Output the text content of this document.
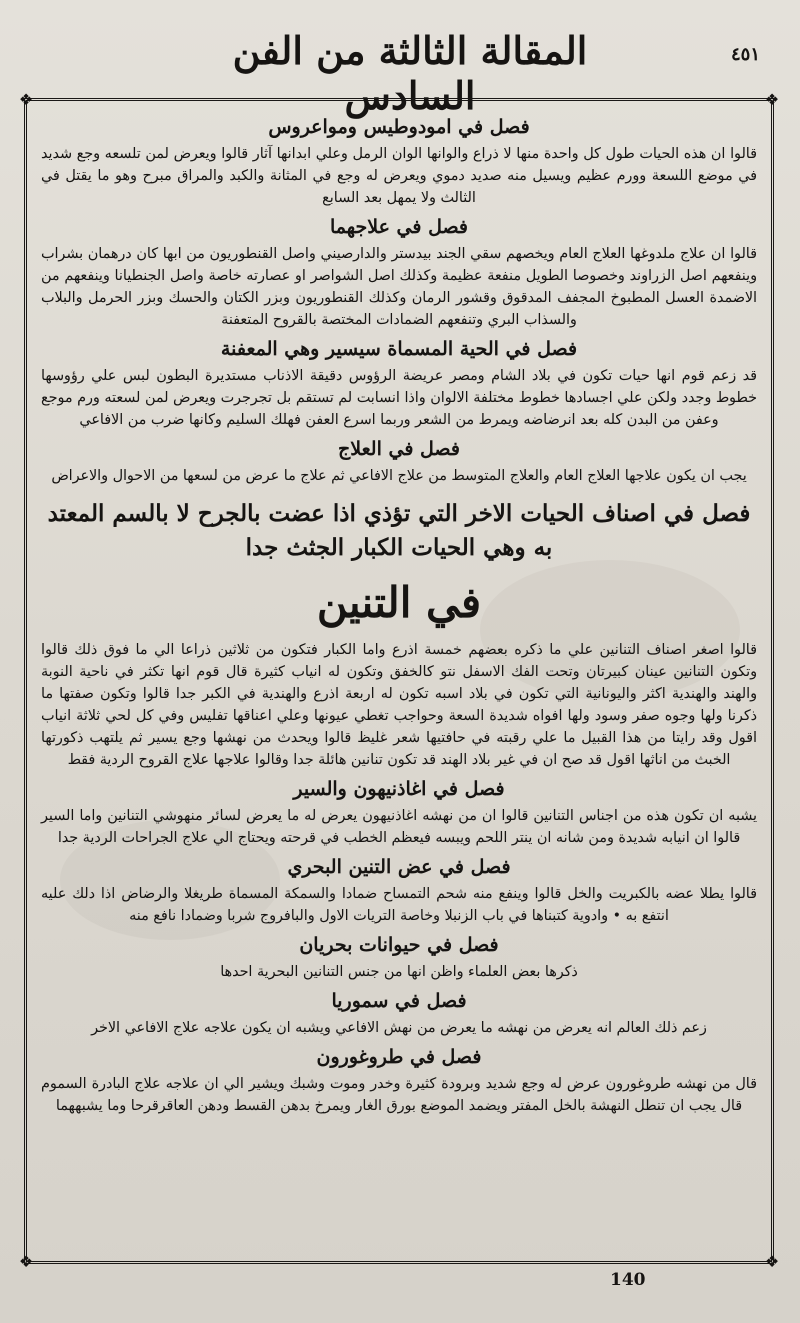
المقالة الثالثة من الفن السادس
٤٥١
❖	❖
❖	❖
فصل في امودوطيس ومواعروس

قالوا ان هذه الحيات طول كل واحدة منها لا ذراع والوانها الوان الرمل وعلي ابدانها آثار قالوا ويعرض لمن تلسعه وجع شديد في موضع اللسعة وورم عظيم ويسيل منه صديد دموي ويعرض له وجع في المثانة والكبد والمراق مبرح وهو ما يقتل في الثالث ولا يمهل بعد السابع

فصل في علاجهما

قالوا ان علاج ملدوغها العلاج العام ويخصهم سقي الجند بيدستر والدارصيني واصل القنطوريون من ابها كان درهمان بشراب وينفعهم اصل الزراوند وخصوصا الطويل منفعة عظيمة وكذلك اصل الشواصر او عصارته خاصة واصل الجنطيانا وينفعهم من الاضمدة العسل المطبوخ المجفف المدقوق وقشور الرمان وكذلك القنطوريون وبزر الكتان والحسك وبزر الحرمل والبلاب والسذاب البري وتنفعهم الضمادات المختصة بالقروح المتعفنة

فصل في الحية المسماة سيسير وهي المعفنة

قد زعم قوم انها حيات تكون في بلاد الشام ومصر عريضة الرؤوس دقيقة الاذناب مستديرة البطون لبس علي رؤوسها خطوط وجدد ولكن علي اجسادها خطوط مختلفة الالوان واذا انسابت لم تستقم بل تجرجرت ويعرض لمن لسعته ورم موجع وعفن من البدن كله بعد انرضاضه ويمرط من الشعر وربما اسرع العفن فهلك السليم وكانها ضرب من الافاعي

فصل في العلاج

يجب ان يكون علاجها العلاج العام والعلاج المتوسط من علاج الافاعي ثم علاج ما عرض من لسعها من الاحوال والاعراض

فصل في اصناف الحيات الاخر التي تؤذي اذا عضت بالجرح لا بالسم المعتد به وهي الحيات الكبار الجثث جدا
في التنين

قالوا اصغر اصناف التنانين علي ما ذكره بعضهم خمسة اذرع واما الكبار فتكون من ثلاثين ذراعا الي ما فوق ذلك قالوا وتكون التنانين عينان كبيرتان وتحت الفك الاسفل نتو كالخفق وتكون له انياب كثيرة قال قوم انها تكثر في ناحية النوبة والهند والهندية اكثر واليونانية التي تكون في بلاد اسبه تكون له اربعة اذرع والهندية في الكبر جدا قالوا وتكون صفتها ما ذكرنا ولها وجوه صفر وسود ولها افواه شديدة السعة وحواجب تغطي عيونها وعلي اعناقها تفليس وفي كل لحي ثلاثة انياب اقول وقد رايتا من هذا القبيل ما علي رقبته في حافتيها شعر غليظ قالوا ويحدث من نهشها وجع يسير ثم يلتهب ذكورتها الخبث من اناثها اقول قد صح ان في غير بلاد الهند قد تكون تنانين هائلة جدا وقالوا علاجها علاج القروح الردية فقط

فصل في اغاذنيهون والسير

يشبه ان تكون هذه من اجناس التنانين قالوا ان من نهشه اغاذنيهون يعرض له ما يعرض لسائر منهوشي التنانين واما السير قالوا ان انيابه شديدة ومن شانه ان ينتر اللحم ويبسه فيعظم الخطب في قرحته ويحتاج الي علاج الجراحات الردية جدا

فصل في عض التنين البحري

قالوا يطلا عضه بالكبريت والخل قالوا وينفع منه شحم التمساح ضمادا والسمكة المسماة طريغلا والرضاض اذا دلك عليه انتفع به • وادوية كتبناها في باب الزنبلا وخاصة التريات الاول والبافروج شربا وضمادا نافع منه

فصل في حيوانات بحريان

ذكرها بعض العلماء واظن انها من جنس التنانين البحرية احدها

فصل في سموريا

زعم ذلك العالم انه يعرض من نهشه ما يعرض من نهش الافاعي ويشبه ان يكون علاجه علاج الافاعي الاخر

فصل في طروغورون

قال من نهشه طروغورون عرض له وجع شديد وبرودة كثيرة وخدر وموت وشبك ويشير الي ان علاجه علاج البادرة السموم قال يجب ان تنطل النهشة بالخل المفتر ويضمد الموضع بورق الغار ويمرخ بدهن القسط ودهن العاقرقرحا وما يشبههما

140
